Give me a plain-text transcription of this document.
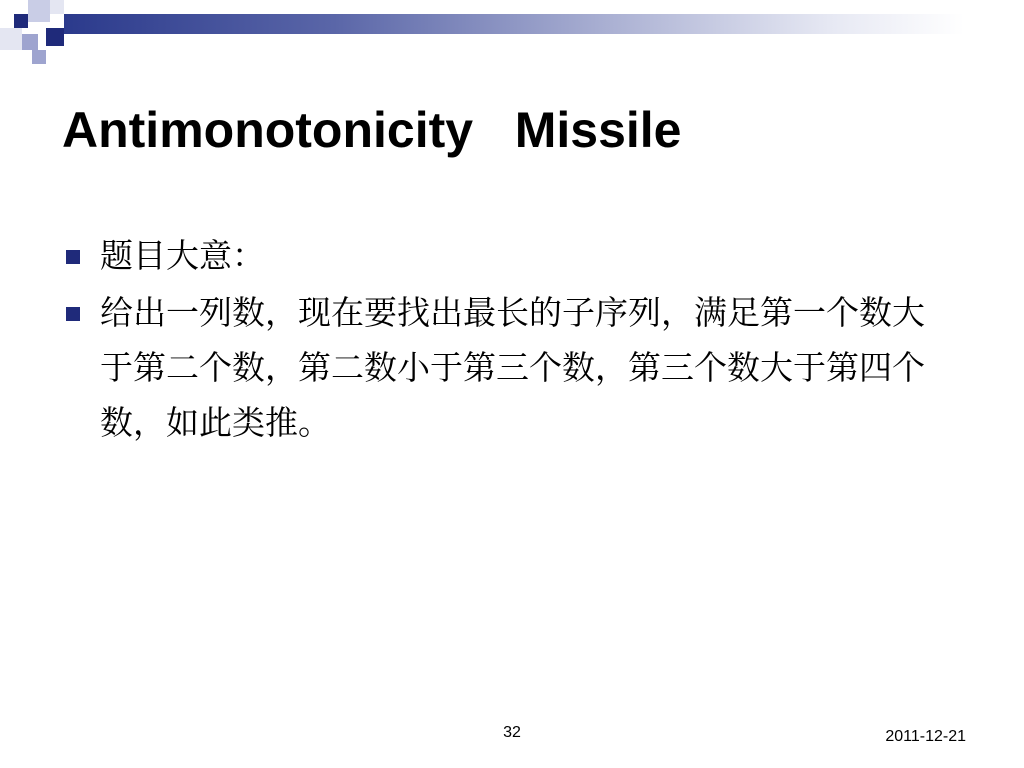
Antimonotonicity   Missile
题目大意：
给出一列数，现在要找出最长的子序列，满足第一个数大于第二个数，第二数小于第三个数，第三个数大于第四个数，如此类推。
32	2011-12-21
